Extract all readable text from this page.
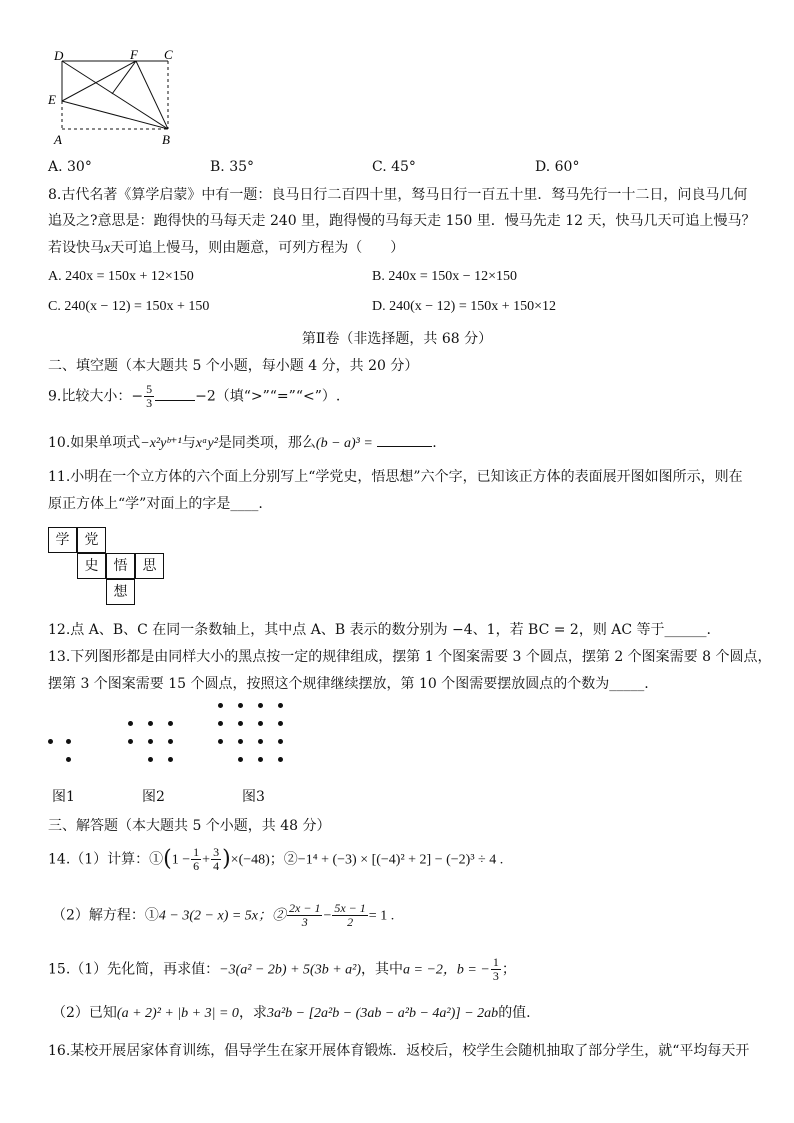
D	F C
E
A	B
A. 30°	B. 35°	C. 45°	D. 60°
8.古代名著《算学启蒙》中有一题：良马日行二百四十里，驽马日行一百五十里．驽马先行一十二日，问良马几何
追及之?意思是：跑得快的马每天走 240 里，跑得慢的马每天走 150 里．慢马先走 12 天，快马几天可追上慢马？
若设快马x天可追上慢马，则由题意，可列方程为（　　）
A. 240x = 150x + 12×150	B. 240x = 150x − 12×150
C. 240(x − 12) = 150x + 150	D. 240(x − 12) = 150x + 150×12
第Ⅱ卷（非选择题，共 68 分）
二、填空题（本大题共 5 个小题，每小题 4 分，共 20 分）
9.比较大小：− $\frac{5}{3}$	−2（填“>”“=”“<”）.
10.如果单项式−x²yᵇ⁺¹与xᵃy²是同类项，那么(b − a)³ =	.
11.小明在一个立方体的六个面上分别写上“学党史，悟思想”六个字，已知该正方体的表面展开图如图所示，则在
原正方体上“学”对面上的字是____.
学	党
史	悟	思
想
12.点 A、B、C 在同一条数轴上，其中点 A、B 表示的数分别为 −4、1，若 BC = 2，则 AC 等于______.
13.下列图形都是由同样大小的黑点按一定的规律组成，摆第 1 个图案需要 3 个圆点，摆第 2 个图案需要 8 个圆点，
摆第 3 个图案需要 15 个圆点，按照这个规律继续摆放，第 10 个图需要摆放圆点的个数为_____.
图1	图2	图3
三、解答题（本大题共 5 个小题，共 48 分）
14.（1）计算：①(1 − $\frac{1}{6} + \frac{3}{4} )\times(-48)$；②−1⁴ + (−3) × [(−4)² + 2] − (−2)³ ÷ 4 .
（2）解方程：①4 − 3(2 − x) = 5x；② $\frac{2x - 1}{3} - \frac{5x - 1}{2} = 1$ .
15.（1）先化简，再求值：−3(a² − 2b) + 5(3b + a²)，其中a = −2，b = − $\frac{1}{3}$ ；
（2）已知(a + 2)² + |b + 3| = 0，求3a²b − [2a²b − (3ab − a²b − 4a²)] − 2ab的值.
16.某校开展居家体育训练，倡导学生在家开展体育锻炼．返校后，校学生会随机抽取了部分学生，就“平均每天开
